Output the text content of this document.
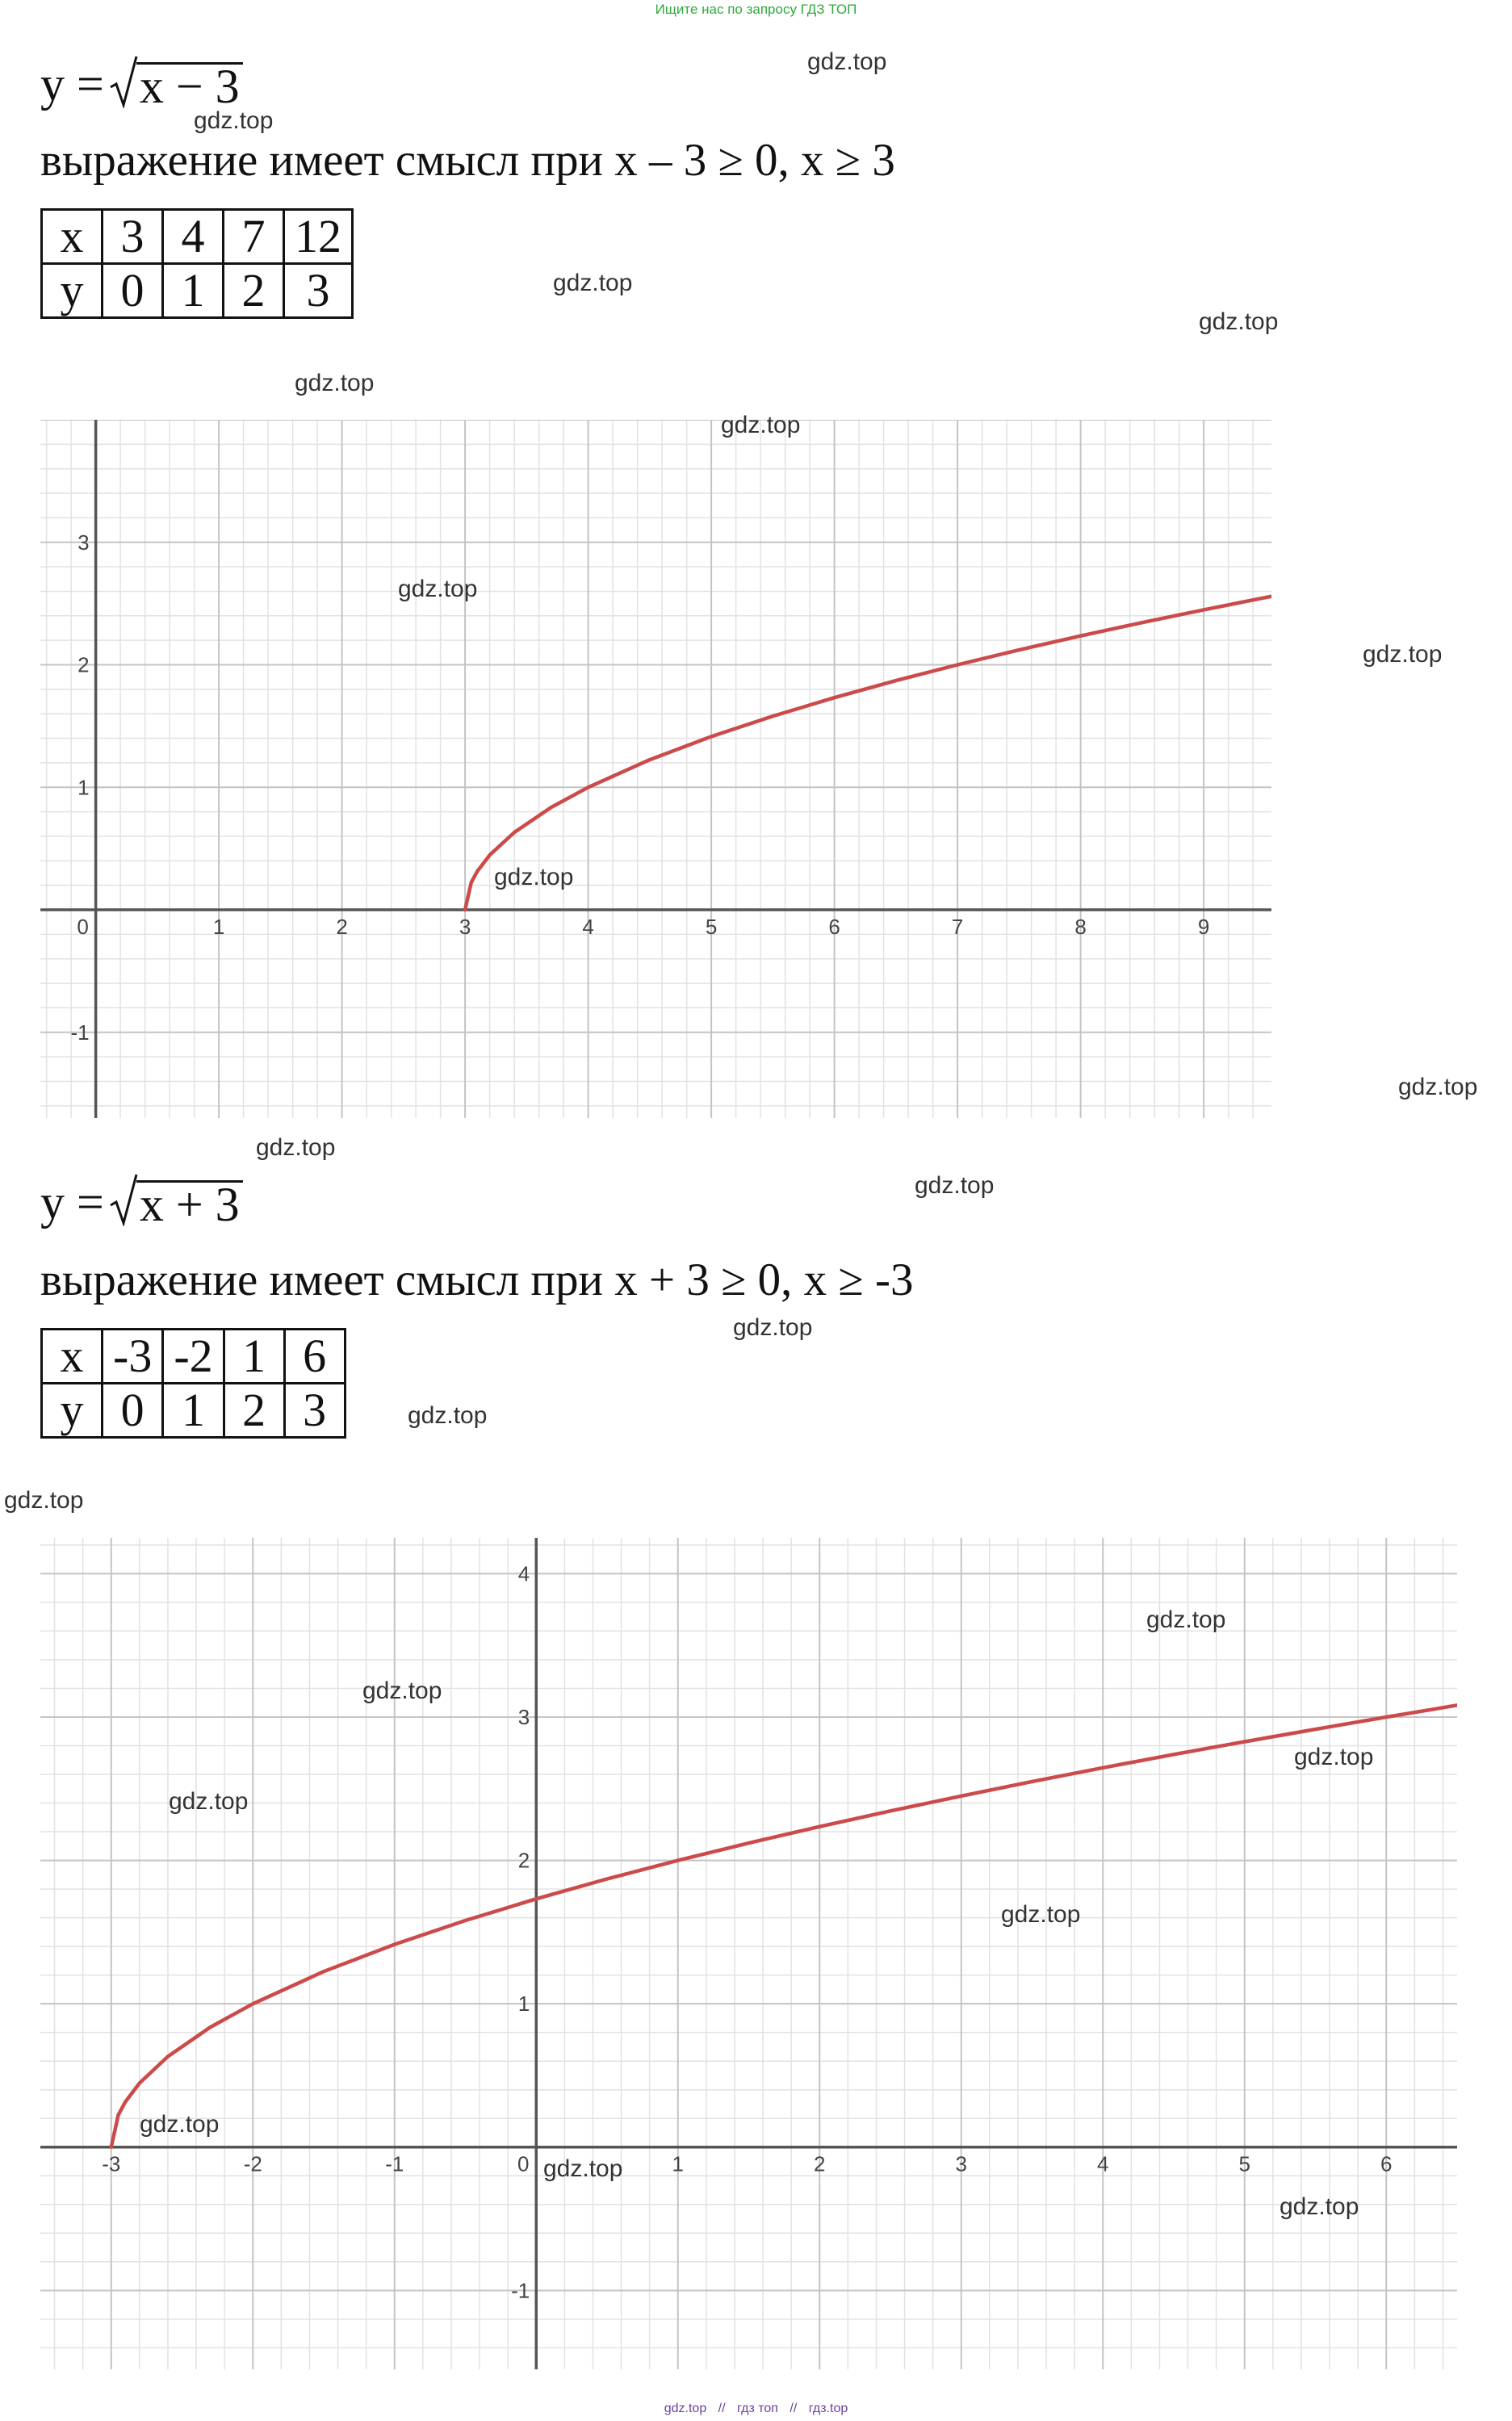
Ищите нас по запросу ГДЗ ТОП
y = x − 3
выражение имеет смысл при x – 3 ≥ 0, x ≥ 3
x	3	4	7	12
y	0	1	2	3
0	1	2	3	4	5	6	7	8	9
-1
1
2
3
y = x + 3
выражение имеет смысл при x + 3 ≥ 0, x ≥ -3
x	-3	-2	1	6
y	0	1	2	3
-3	-2	-1	0	1	2	3	4	5	6
-1
1
2
3
4
gdz.top
gdz.top
gdz.top
gdz.top
gdz.top
gdz.top
gdz.top
gdz.top
gdz.top
gdz.top
gdz.top
gdz.top
gdz.top
gdz.top
gdz.top
gdz.top
gdz.top
gdz.top
gdz.top
gdz.top
gdz.top
gdz.top
gdz.top
gdz.top // гдз топ // гдз.top
